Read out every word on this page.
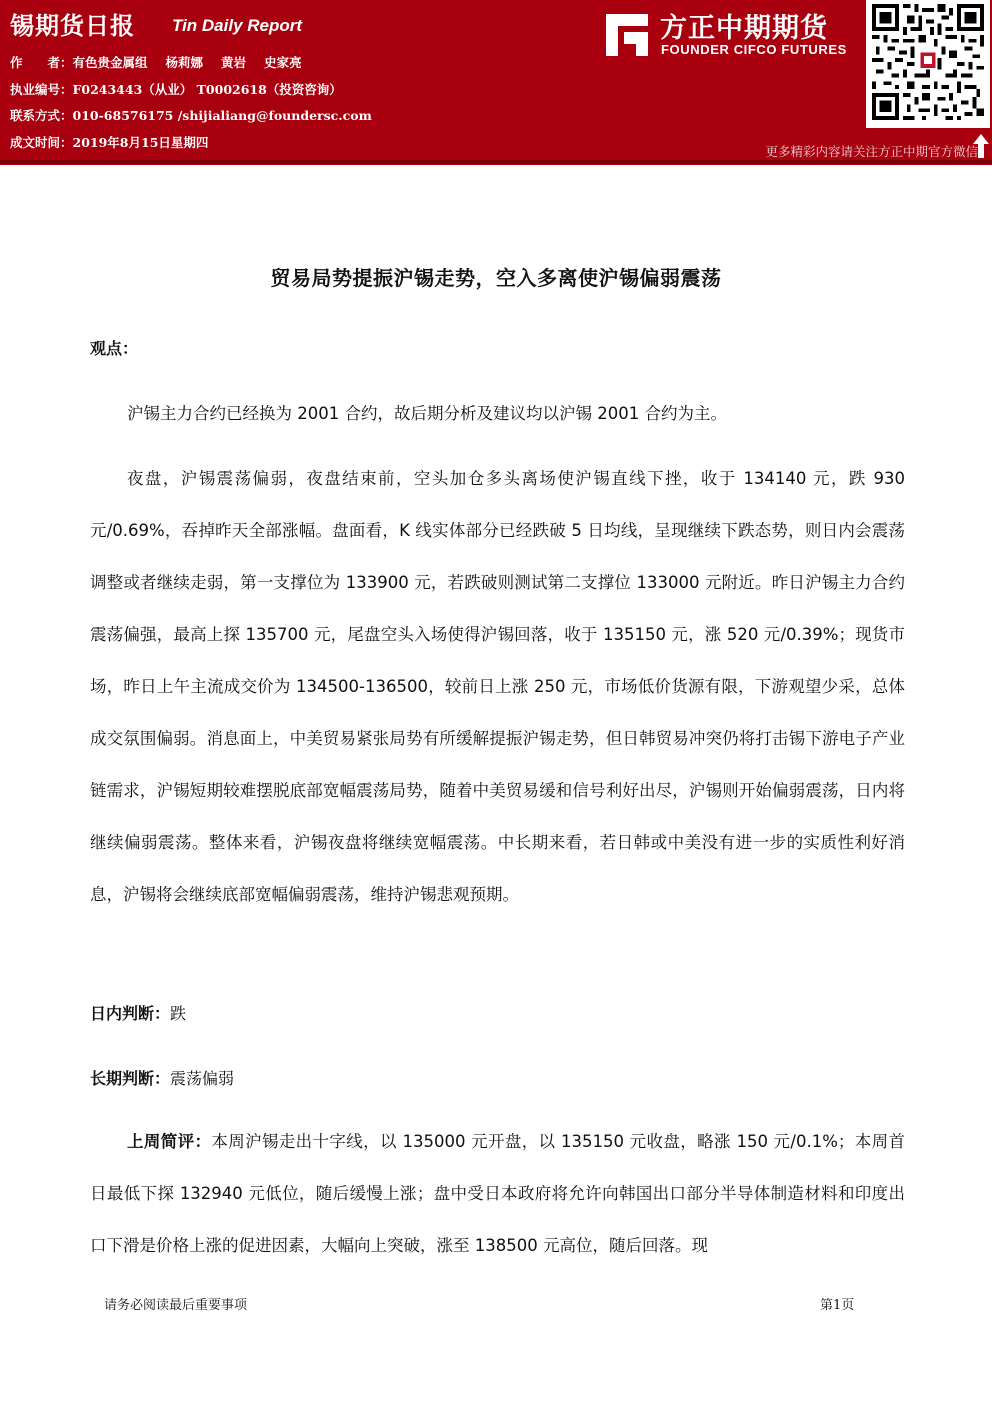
锡期货日报 Tin Daily Report
作　　者：有色贵金属组 杨莉娜 黄岩 史家亮
执业编号：F0243443（从业） T0002618（投资咨询）
联系方式：010-68576175 /shijialiang@foundersc.com
成文时间：2019年8月15日星期四
方正中期期货
FOUNDER CIFCO FUTURES
更多精彩内容请关注方正中期官方微信
贸易局势提振沪锡走势，空入多离使沪锡偏弱震荡
观点：

沪锡主力合约已经换为 2001 合约，故后期分析及建议均以沪锡 2001 合约为主。

夜盘，沪锡震荡偏弱，夜盘结束前，空头加仓多头离场使沪锡直线下挫，收于 134140 元，跌 930 元/0.69%，吞掉昨天全部涨幅。盘面看，K 线实体部分已经跌破 5 日均线，呈现继续下跌态势，则日内会震荡调整或者继续走弱，第一支撑位为 133900 元，若跌破则测试第二支撑位 133000 元附近。昨日沪锡主力合约震荡偏强，最高上探 135700 元，尾盘空头入场使得沪锡回落，收于 135150 元，涨 520 元/0.39%；现货市场，昨日上午主流成交价为 134500-136500，较前日上涨 250 元，市场低价货源有限，下游观望少采，总体成交氛围偏弱。消息面上，中美贸易紧张局势有所缓解提振沪锡走势，但日韩贸易冲突仍将打击锡下游电子产业链需求，沪锡短期较难摆脱底部宽幅震荡局势，随着中美贸易缓和信号利好出尽，沪锡则开始偏弱震荡，日内将继续偏弱震荡。整体来看，沪锡夜盘将继续宽幅震荡。中长期来看，若日韩或中美没有进一步的实质性利好消息，沪锡将会继续底部宽幅偏弱震荡，维持沪锡悲观预期。

日内判断：跌
长期判断：震荡偏弱

上周简评：本周沪锡走出十字线，以 135000 元开盘，以 135150 元收盘，略涨 150 元/0.1%；本周首日最低下探 132940 元低位，随后缓慢上涨；盘中受日本政府将允许向韩国出口部分半导体制造材料和印度出口下滑是价格上涨的促进因素，大幅向上突破，涨至 138500 元高位，随后回落。现

请务必阅读最后重要事项	第1页
